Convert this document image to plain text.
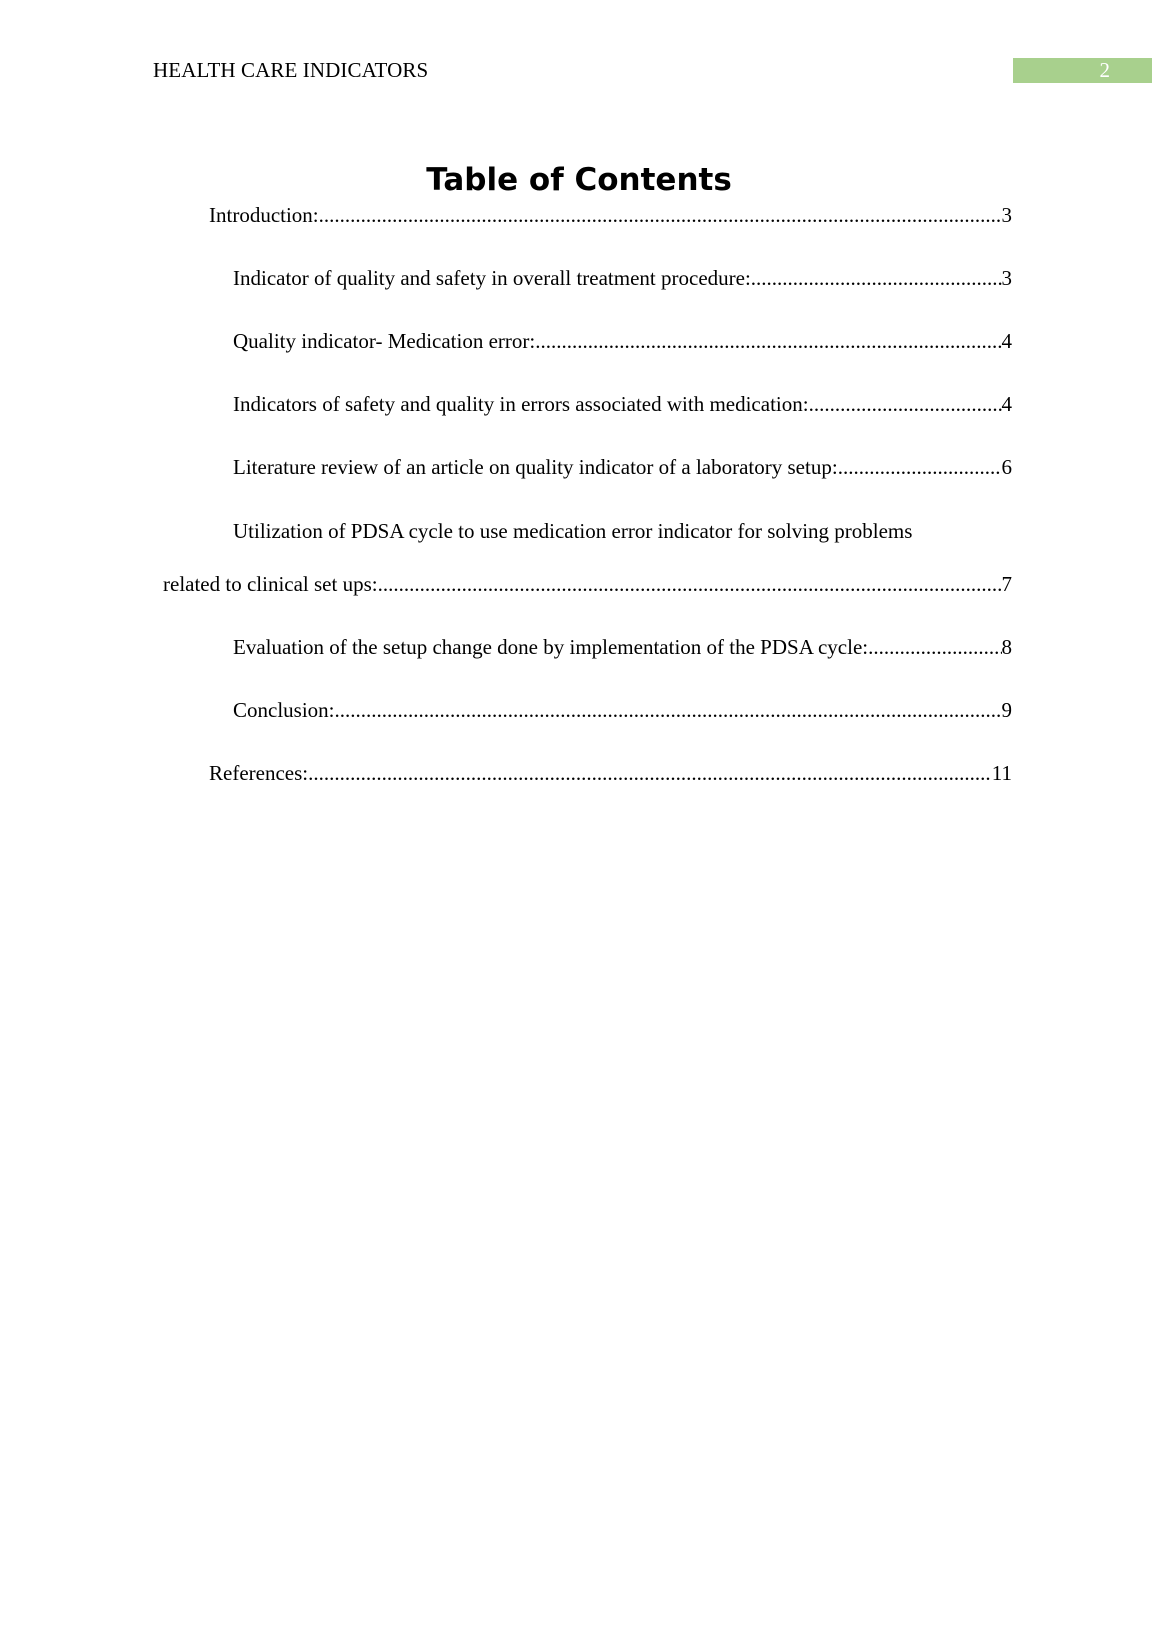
HEALTH CARE INDICATORS	2
Table of Contents
Introduction: .....	3
Indicator of quality and safety in overall treatment procedure: .....	3
Quality indicator- Medication error: .....	4
Indicators of safety and quality in errors associated with medication: .....	4
Literature review of an article on quality indicator of a laboratory setup: .....	6
Utilization of PDSA cycle to use medication error indicator for solving problems
related to clinical set ups: .....	7
Evaluation of the setup change done by implementation of the PDSA cycle: .....	8
Conclusion: .....	9
References: .....	11
